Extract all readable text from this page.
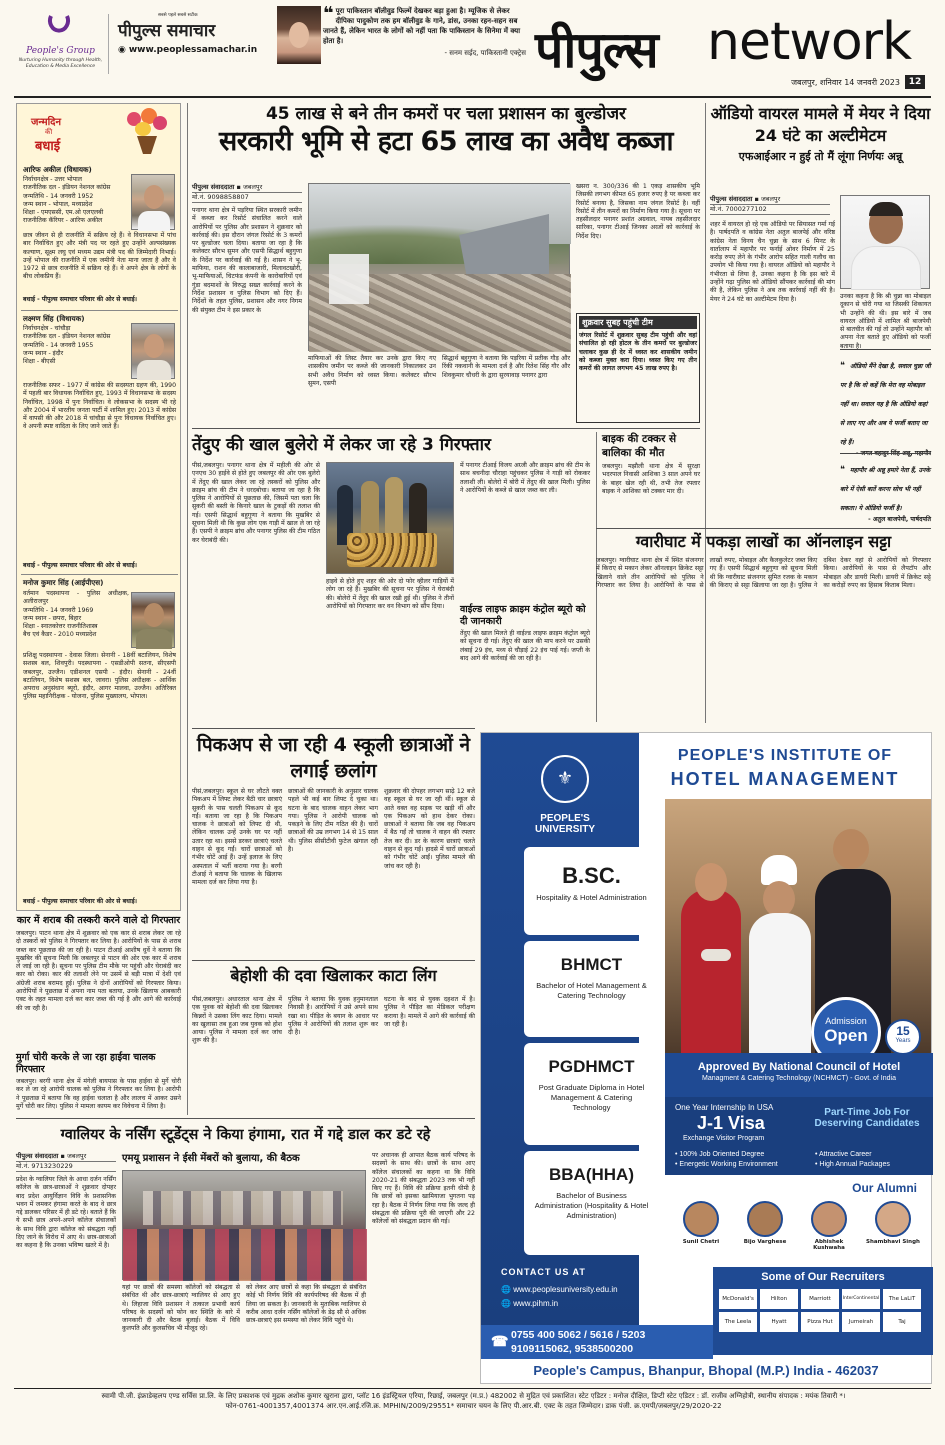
People's Group
Nurturing Humanity through Health, Education & Media Excellence
सबसे पहले सबसे सटीक
पीपुल्स समाचार
◉ www.peoplessamachar.in
❝ पूरा पाकिस्तान बॉलीवुड फिल्में देखकर बड़ा हुआ है। म्यूजिक से लेकर दीपिका पादुकोण तक हम बॉलीवुड के गाने, डांस, उनका रहन-सहन सब जानते हैं, लेकिन भारत के लोगों को नहीं पता कि पाकिस्तान के सिनेमा में क्या होता है।
- सनम सईद, पाकिस्तानी एक्ट्रेस पीपुल्स network
जबलपुर, शनिवार 14 जनवरी 2023 12
जन्मदिन
की
बधाई
आरिफ अकील (विधायक)
निर्वाचनक्षेत्र - उत्तर भोपाल
राजनीतिक दल - इंडियन नेशनल कांग्रेस
जन्मतिथि - 14 जनवरी 1952
जन्म स्थान - भोपाल, मध्यप्रदेश
शिक्षा - एमएससी, एम.ओ एलएलबी
राजनीतिक कॅरियर - आरिफ अकील
छात्र जीवन से ही राजनीति में सक्रिय रहे हैं। वे विधानसभा में पांच बार निर्वाचित हुए और मंत्री पद पर रहते हुए उन्होंने अल्पसंख्यक कल्याण, सूक्ष्म लघु एवं मध्यम उद्यम मंत्री पद की जिम्मेदारी निभाई। उन्हें भोपाल की राजनीति में एक जमीनी नेता माना जाता है और वे 1972 से छात्र राजनीति में सक्रिय रहे हैं। वे अपने क्षेत्र के लोगों के बीच लोकप्रिय हैं।
बधाई - पीपुल्स समाचार परिवार की ओर से बधाई।
लक्ष्मण सिंह (विधायक)
निर्वाचनक्षेत्र - चांचौड़ा
राजनीतिक दल - इंडियन नेशनल कांग्रेस
जन्मतिथि - 14 जनवरी 1955
जन्म स्थान - इंदौर
शिक्षा - बीएसी
राजनीतिक सफर - 1977 में कांग्रेस की सदस्यता ग्रहण की, 1990 में पहली बार विधायक निर्वाचित हुए, 1993 में विधानसभा के सदस्य निर्वाचित, 1998 में पुनः निर्वाचित। वे लोकसभा के सदस्य भी रहे और 2004 में भारतीय जनता पार्टी में शामिल हुए। 2013 में कांग्रेस में वापसी की और 2018 में चांचौड़ा से पुनः विधायक निर्वाचित हुए। वे अपनी स्पष्ट वादिता के लिए जाने जाते हैं।
बधाई - पीपुल्स समाचार परिवार की ओर से बधाई।
मनोज कुमार सिंह (आईपीएस)
वर्तमान पदस्थापना - पुलिस अधीक्षक, अलीराजपुर
जन्मतिथि - 14 जनवरी 1969
जन्म स्थान - छपरा, बिहार
शिक्षा - स्नातकोत्तर राजनीतिशास्त्र
बैच एवं कैडर - 2010 मध्यप्रदेश
प्रशिक्षु पदस्थापना - देवास जिला। सेनानी - 18वीं बटालियन, विशेष सशस्त्र बल, शिवपुरी। पदस्थापना - एसडीओपी सतना, सीएसपी जबलपुर, उज्जैन। एडीशनल एसपी - इंदौर। सेनानी - 24वीं बटालियन, विशेष सशस्त्र बल, जावरा। पुलिस अधीक्षक - आर्थिक अपराध अनुसंधान ब्यूरो, इंदौर, आगर मालवा, उज्जैन। अतिरिक्त पुलिस महानिरीक्षक - योजना, पुलिस मुख्यालय, भोपाल।
बधाई - पीपुल्स समाचार परिवार की ओर से बधाई।
कार में शराब की तस्करी करने वाले दो गिरफ्तार
जबलपुर। पाटन थाना क्षेत्र में शुक्रवार को एक कार से शराब लेकर जा रहे दो तस्करों को पुलिस ने गिरफ्तार कर लिया है। आरोपियों के पास से शराब जब्त कर पूछताछ की जा रही है। पाटन टीआई आशीष धुर्वे ने बताया कि मुखबिर की सूचना मिली कि जबलपुर से पाटन की ओर एक कार में शराब ले जाई जा रही है। सूचना पर पुलिस टीम मौके पर पहुंची और घेराबंदी कर कार को रोका। कार की तलाशी लेने पर उसमें से बड़ी मात्रा में देशी एवं अंग्रेजी शराब बरामद हुई। पुलिस ने दोनों आरोपियों को गिरफ्तार किया। आरोपियों ने पूछताछ में अपना नाम पता बताया, उनके खिलाफ आबकारी एक्ट के तहत मामला दर्ज कर कार जब्त की गई है और आगे की कार्रवाई की जा रही है।
मुर्गा चोरी करके ले जा रहा हाईवा चालक गिरफ्तार
जबलपुर। बरगी थाना क्षेत्र में मंगेली बायपास के पास हाईवा से मुर्गे चोरी कर ले जा रहे आरोपी चालक को पुलिस ने गिरफ्तार कर लिया है। आरोपी ने पूछताछ में बताया कि वह हाईवा चलाता है और लालच में आकर उसने मुर्गे चोरी कर लिए। पुलिस ने मामला कायम कर विवेचना में लिया है।
45 लाख से बने तीन कमरों पर चला प्रशासन का बुल्डोजर
सरकारी भूमि से हटा 65 लाख का अवैध कब्जा
पीपुल्स संवाददाता ▪ जबलपुर
मो.नं. 9098858807
पनागर थाना क्षेत्र में पड़रिया स्थित सरकारी जमीन में कब्जा कर रिसोर्ट संचालित करने वाले आरोपियों पर पुलिस और प्रशासन ने शुक्रवार को कार्रवाई की। इस दौरान जंगल रिसोर्ट के 3 कमरों पर बुल्डोजर चला दिया। बताया जा रहा है कि कलेक्टर सौरभ सुमन और एसपी सिद्धार्थ बहुगुणा के निर्देश पर कार्रवाई की गई है। शासन ने भू-माफिया, राशन की कालाबाजारी, मिलावटखोरी, भू-माफियाओं, चिटफंड कंपनी के कारोबारियों एवं गुंडा बदमाशों के विरुद्ध सख्त कार्रवाई करने के निर्देश प्रशासन व पुलिस विभाग को दिए हैं। निर्देशों के तहत पुलिस, प्रशासन और नगर निगम की संयुक्त टीम ने इस प्रकार के
माफियाओं की लिस्ट तैयार कर उनके द्वारा किए गए शासकीय जमीन पर कब्जे की जानकारी निकालकर उन सभी अवैध निर्माण को ध्वस्त किया। कलेक्टर सौरभ सुमन, एसपी
सिद्धार्थ बहुगुणा ने बताया कि पड़रिया में प्रतीक गौड़ और रिंकी नकवानी के मामला दर्ज है और रितेश सिंह गौर और शिवकुमार चौधरी के द्वारा सुरयावाड़ पनागर द्वारा
खसरा न. 300/336 की 1 एकड़ शासकीय भूमि जिसकी लगभग कीमत 65 हजार रुपए है पर कब्जा कर रिसोर्ट बनाया है, जिसका नाम जंगल रिसोर्ट है। वहीं रिसोर्ट में तीन कमरों का निर्माण किया गया है। सूचना पर तहसीलदार पनागर प्रशांत अग्रवाल, नायब तहसीलदार सारिका, पनागर टीआई जिनका अग्र्जों को कार्रवाई के निर्देश दिए।
शुक्रवार सुबह पहुंची टीम
जंगल रिसोर्ट में शुक्रवार सुबह टीम पहुंची और वहां संचालित हो रही होटल के तीन कमरों पर बुल्डोजर चलाकर कुछ ही देर में ध्वस्त कर शासकीय जमीन को कब्जा मुक्त करा दिया। ध्वस्त किए गए तीन कमरों की लागत लगभग 45 लाख रुपए है।
ऑडियो वायरल मामले में मेयर ने दिया 24 घंटे का अल्टीमेटम
एफआईआर न हुई तो मैं लूंगा निर्णयः अन्नू
पीपुल्स संवाददाता ▪ जबलपुर
मो.नं. 7000277102
शहर में वायरल हो रहे एक ऑडियो पर सियासत गर्मा गई है। पार्षदपति व कांग्रेस नेता अतुल बाजपेई और वरिष्ठ कांग्रेस नेता विनय चैन चुन्ना के साथ 6 मिनट के वार्तालाप में महापौर पर फर्नाई ओवर निर्माण में 25 करोड़ रुपए लेने के गंभीर आरोप सहित गाली गलौच का उपयोग भी किया गया है। वायरल ऑडियो को महापौर ने गंभीरता से लिया है, उनका कहना है कि इस बारे में उन्होंने गढ़ा पुलिस को ऑडियो सौंपकर कार्रवाई की मांग की है, लेकिन पुलिस ने अब तक कार्रवाई नहीं की है। मेयर ने 24 घंटे का अल्टीमेटम दिया है।	उनका कहना है कि श्री चुन्ना का मोबाइल दूकान से चोरी गया था जिसकी शिकायत भी उन्होंने की थी। इस बारे में जब वायरल ऑडियो में शामिल श्री बाजपेयी से बातचीत की गई तो उन्होंने महापौर को अपना नेता बताते हुए ऑडियो को फर्जी बताया है।
❝ ऑडियो मैंने देखा है, सवाल चुन्ना जी पर है कि वो कहें कि मेरा वह मोबाइल नहीं था। सवाल यह है कि ऑडियो कहां से लाए गए और अब ये फर्जी बताए जा रहे हैं।
- जगत बहादुर सिंह अन्नू, महापौर
❝ महापौर श्री अन्नू हमारे नेता हैं, उनके बारे में ऐसी बातें करना सोच भी नहीं सकता। ये ऑडियो फर्जी है।
- अतुल बाजपेयी, पार्षदपति
तेंदुए की खाल बुलेरो में लेकर जा रहे 3 गिरफ्तार
पीसं,जबलपुर। पनागर थाना क्षेत्र में महीली की ओर से एनएच 30 हाईवे से होते हुए जबलपुर की ओर एक बुलेरो में तेंदुए की खाल लेकर जा रहे तस्करों को पुलिस और क्राइम ब्रांच की टीम ने धरदबोचा। बताया जा रहा है कि पुलिस ने आरोपियों से पूछताछ की, जिसमें पता चला कि सुकरी की बस्ती के किनारे खाल के टुकड़ों की तलाश की गई। एसपी सिद्धार्थ बहुगुणा ने बताया कि मुखबिर से सूचना मिली थी कि कुछ लोग एक गाड़ी में खाल ले जा रहे हैं। एसपी ने क्राइम ब्रांच और पनागर पुलिस की टीम गठित कर घेराबंदी की।
हाइवे से होते हुए शहर की ओर दो फोर व्हीलर गाड़ियों में लोग जा रहे हैं। मुखबिर की सूचना पर पुलिस ने घेराबंदी की। बोलेरो में तेंदुए की खाल रखी हुई थी। पुलिस ने तीनों आरोपियों को गिरफ्तार कर वन विभाग को सौंप दिया।
में पनागर टीआई विजय अग्र्जी और क्राइम ब्रांच की टीम के साथ बचनीदा चौराहा पहुंचकर पुलिस ने गाड़ी को रोककर तलाशी ली। बोलेरो में बोरी में तेंदुए की खाल मिली। पुलिस ने आरोपियों के कब्जे से खाल जब्त कर ली।
वाईल्ड लाइफ क्राइम कंट्रोल ब्यूरो को दी जानकारी
तेंदुए की खाल मिलते ही वाईल्ड लाइफ क्राइम कंट्रोल ब्यूरो को सूचना दी गई। तेंदुए की खाल की माप करने पर उसकी लंबाई 29 इंच, मध्य से चौड़ाई 22 इंच पाई गई। जप्ती के बाद आगे की कार्रवाई की जा रही है।
बाइक की टक्कर से बालिका की मौत
जबलपुर। मझौली थाना क्षेत्र में सुरक्षा भदरपाल निवासी आशिका 3 साल अपने घर के बाहर खेल रही थी, तभी तेज रफ्तार बाइक ने आशिका को टक्कर मार दी।
ग्वारीघाट में पकड़ा लाखों का ऑनलाइन सट्टा
जबलपुर। ग्वारीघाट थाना क्षेत्र में स्थित संजनगर में किराए से मकान लेकर ऑनलाइन क्रिकेट सट्टा खिलाने वाले तीन आरोपियों को पुलिस ने गिरफ्तार कर लिया है। आरोपियों के पास से लाखों रुपए, मोबाइल और कैलकुलेटर जब्त किए गए हैं। एसपी सिद्धार्थ बहुगुणा को सूचना मिली थी कि ग्वारीघाट संजनगर सुमित रजक के मकान की किराए से सट्टा खिलाया जा रहा है। पुलिस ने दबिश देकर वहां से आरोपियों को गिरफ्तार किया। आरोपियों के पास से लैपटॉप और मोबाइल और डायरी मिली। डायरी में क्रिकेट सट्टे का करोड़ों रुपए का हिसाब किताब मिला।
पिकअप से जा रही 4 स्कूली छात्राओं ने लगाई छलांग
पीसं,जबलपुर। स्कूल से घर लौटते वक्त पिकअप में लिफ्ट लेकर बैठी चार छात्राएं सुकरी के पास चलती पिकअप से कूद गईं। बताया जा रहा है कि पिकअप चालक ने छात्राओं को लिफ्ट दी थी, लेकिन चालक उन्हें उनके घर पर नहीं उतार रहा था। इससे डरकर छात्राएं चलते वाहन से कूद गईं। चारों छात्राओं को गंभीर चोटें आई हैं। उन्हें इलाज के लिए अस्पताल में भर्ती कराया गया है। बरगी टीआई ने बताया कि चालक के खिलाफ मामला दर्ज कर लिया गया है।
छात्राओं की जानकारी के अनुसार चालक पहले भी कई बार लिफ्ट दे चुका था। घटना के बाद चालक वाहन लेकर भाग गया। पुलिस ने आरोपी चालक को पकड़ने के लिए टीम गठित की है। चारों छात्राओं की उम्र लगभग 14 से 15 साल थी। पुलिस सीसीटीवी फुटेज खंगाल रही है।
शुक्रवार की दोपहर लगभग साढ़े 12 बजे वह स्कूल से घर जा रही थीं। स्कूल से आते वक्त वह सड़क पर खड़ी थीं और एक पिकअप को हाथ देकर रोका। छात्राओं ने बताया कि जब वह पिकअप में बैठ गईं तो चालक ने वाहन की रफ्तार तेज कर दी। डर के कारण छात्राएं चलते वाहन से कूद गईं। हादसे में चारों छात्राओं को गंभीर चोटें आईं। पुलिस मामले की जांच कर रही है।
बेहोशी की दवा खिलाकर काटा लिंग
पीसं,जबलपुर। अधारताल थाना क्षेत्र में एक युवक को बेहोशी की दवा खिलाकर किन्नरों ने उसका लिंग काट दिया। मामले का खुलासा तब हुआ जब युवक को होश आया। पुलिस ने मामला दर्ज कर जांच शुरू की है।
पुलिस ने बताया कि युवक हनुमानताल निवासी है। आरोपियों ने उसे अपने साथ रखा था। पीड़ित के बयान के आधार पर पुलिस ने आरोपियों की तलाश शुरू कर दी है।
घटना के बाद से युवक दहशत में है। पुलिस ने पीड़ित का मेडिकल परीक्षण कराया है। मामले में आगे की कार्रवाई की जा रही है।
PEOPLE'S INSTITUTE OF
HOTEL MANAGEMENT
⚜
PEOPLE'S UNIVERSITY
B.SC.
Hospitality & Hotel Administration
BHMCT
Bachelor of Hotel Management & Catering Technology
PGDHMCT
Post Graduate Diploma in Hotel Management & Catering Technology
BBA(HHA)
Bachelor of Business Administration (Hospitality & Hotel Administration)
Admission
Open	15
Years
Approved By National Council of Hotel
Managment & Catering Technology (NCHMCT) - Govt. of India
One Year Internship In USA
J-1 Visa
Exchange Visitor Program
Part-Time Job For Deserving Candidates
• 100% Job Oriented Degree
• Energetic Working Environment
• Attractive Career
• High Annual Packages
Our Alumni
Sunil Chetri	Bijo Varghese	Abhishek Kushwaha
Shambhavi Singh
CONTACT US AT
🌐 www.peoplesuniversity.edu.in
🌐 www.pihm.in
Some of Our Recruiters
McDonald's	Hilton	Marriott	InterContinental	The LaLiT
The Leela	Hyatt	Pizza Hut	Jumeirah	Taj
☎ 0755 400 5062 / 5616 / 5203
9109115062, 9538500200
People's Campus, Bhanpur, Bhopal (M.P.) India - 462037
ग्वालियर के नर्सिंग स्टूडेंट्स ने किया हंगामा, रात में गद्दे डाल कर डटे रहे
पीपुल्स संवाददाता ▪ जबलपुर
मो.नं. 9713230229
प्रदेश के ग्वालियर जिले के आधा दर्जन नर्सिंग कॉलेज के छात्र-छात्राओं ने शुक्रवार दोपहर बाद प्रदेश आयुर्विज्ञान विवि के प्रशासनिक भवन में जमकर हंगामा करते के बाद वे छात्र गद्दे डालकर परिसर में ही डटे रहे। बताते हैं कि ये सभी छात्र अपने-अपने कॉलेज संचालकों के साथ विवि द्वारा कॉलेज को संबद्धता नहीं दिए जाने के विरोध में आए थे। छात्र-छात्राओं का कहना है कि उनका भविष्य खतरे में है।
एमयू प्रशासन ने ईसी मेंबरों को बुलाया, की बैठक
यहां पर छात्रों की समस्या कॉलेजों को संबद्धता से संबंधित थी और छात्र-छात्राएं ग्वालियर से आए हुए थे। लिहाजा विवि प्रशासन ने तत्काल प्रभावी कार्य परिषद के सदस्यों को फोन कर स्थिति के बारे में जानकारी दी और बैठक बुलाई। बैठक में विवि कुलपति और कुलसचिव भी मौजूद रहे।
को लेकर आए छात्रों से कहा कि संबद्धता से संबंधित कोई भी निर्णय विवि की कार्यपरिषद की बैठक में ही लिया जा सकता है। जानकारी के मुताबिक ग्वालियर से करीब आधा दर्जन नर्सिंग कॉलेजों के डेढ़ सौ से अधिक छात्र-छात्राएं इस समस्या को लेकर विवि पहुंचे थे।
पर अचानक ही आपात बैठक कार्य परिषद के सदस्यों के साथ की। छात्रों के साथ आए कॉलेज संचालकों का कहना था कि विवि 2020-21 की संबद्धता 2023 तक भी नहीं किए गए हैं। विवि की प्रक्रिया इतनी धीमी है कि छात्रों को इसका खामियाजा भुगतना पड़ रहा है। बैठक में निर्णय लिया गया कि जल्द ही संबद्धता की प्रक्रिया पूरी की जाएगी और 22 कॉलेजों को संबद्धता प्रदान की गई।
स्वामी पी.जी. इंफ्राडेव्हलप एण्ड सर्विस प्रा.लि. के लिए प्रकाशक एवं मुद्रक अशोक कुमार खुराना द्वारा, प्लॉट 16 इंडस्ट्रियल एरिया, रिछाई, जबलपुर (म.प्र.) 482002 से मुद्रित एवं प्रकाशित। स्टेट एडिटर : मनोज दीक्षित, डिप्टी स्टेट एडिटर : डॉ. राजीव अग्निहोत्री, स्थानीय संपादक : मयंक तिवारी *।
फोन-0761-4001357,4001374 आर.एन.आई.रजि.क्र. MPHIN/2009/29551* समाचार चयन के लिए पी.आर.बी. एक्ट के तहत जिम्मेदार। डाक पंजी. क्र.एमपी/जबलपुर/29/2020-22
